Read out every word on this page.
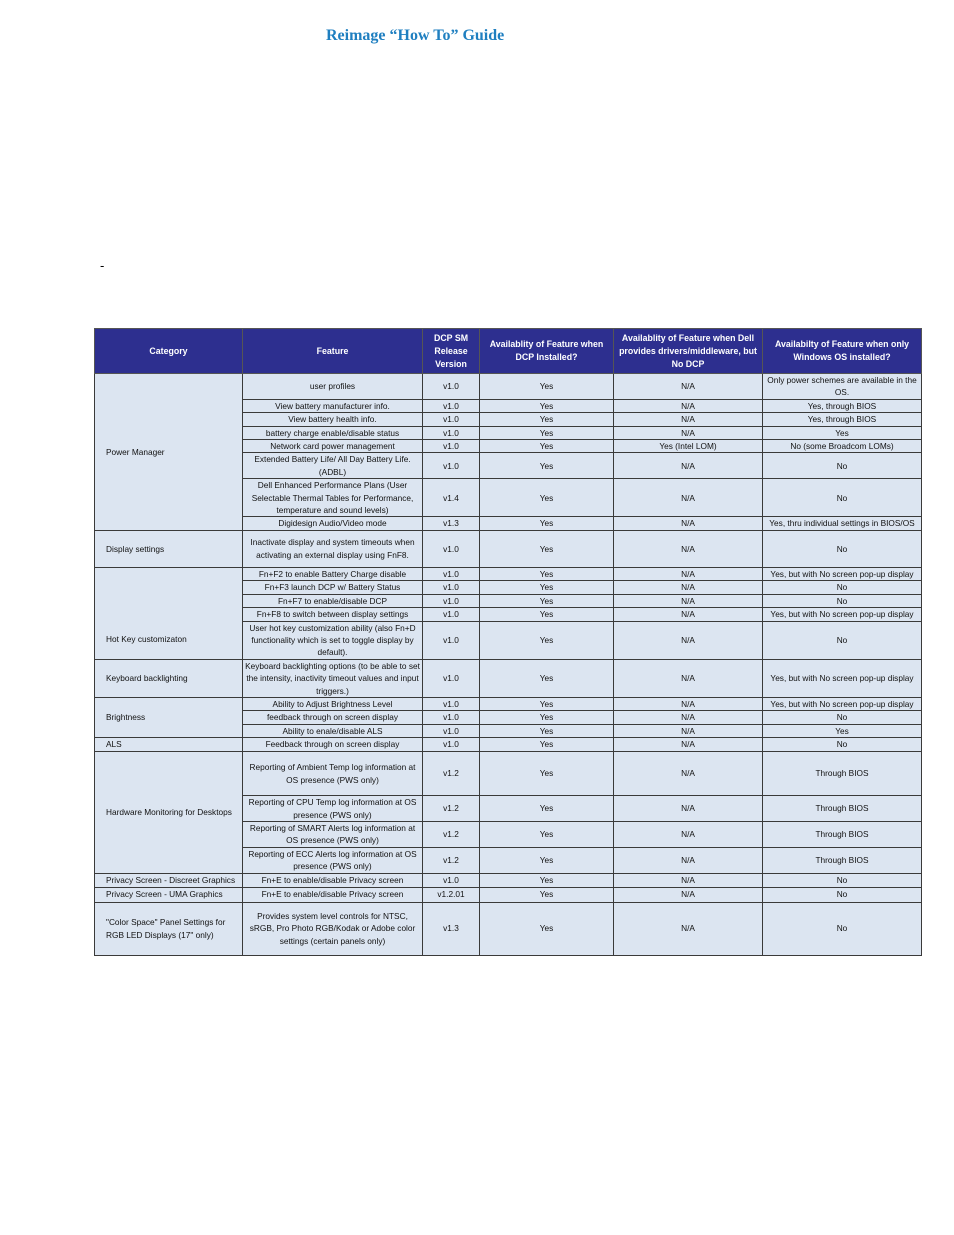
Reimage “How To” Guide
-
Category	Feature	DCP SM Release Version	Availablity of Feature when DCP Installed?	Availablity of Feature when Dell provides drivers/middleware, but No DCP	Availabilty of Feature when only Windows OS installed?
Power Manager	user profiles	v1.0	Yes	N/A	Only power schemes are available in the OS.
	View battery manufacturer info.	v1.0	Yes	N/A	Yes, through BIOS
	View battery health info.	v1.0	Yes	N/A	Yes, through BIOS
	battery charge enable/disable status	v1.0	Yes	N/A	Yes
	Network card power management	v1.0	Yes	Yes (Intel LOM)	No (some Broadcom LOMs)
	Extended Battery Life/ All Day Battery Life. (ADBL)	v1.0	Yes	N/A	No
	Dell Enhanced Performance Plans (User Selectable Thermal Tables for Performance, temperature and sound levels)	v1.4	Yes	N/A	No
	Digidesign Audio/Video mode	v1.3	Yes	N/A	Yes, thru individual settings in BIOS/OS
Display settings	Inactivate display and system timeouts when activating an external display using FnF8.	v1.0	Yes	N/A	No
Hot Key customizaton	Fn+F2 to enable Battery Charge disable	v1.0	Yes	N/A	Yes, but with No screen pop-up display
	Fn+F3 launch DCP w/ Battery Status	v1.0	Yes	N/A	No
	Fn+F7 to enable/disable DCP	v1.0	Yes	N/A	No
	Fn+F8 to switch between display settings	v1.0	Yes	N/A	Yes, but with No screen pop-up display
	User hot key customization ability (also Fn+D functionality which is set to toggle display by default).	v1.0	Yes	N/A	No
Keyboard backlighting	Keyboard backlighting options (to be able to set the intensity, inactivity timeout values and input triggers.)	v1.0	Yes	N/A	Yes, but with No screen pop-up display
Brightness	Ability to Adjust Brightness Level	v1.0	Yes	N/A	Yes, but with No screen pop-up display
	feedback through on screen display	v1.0	Yes	N/A	No
	Ability to enale/disable ALS	v1.0	Yes	N/A	Yes
ALS	Feedback through on screen display	v1.0	Yes	N/A	No
Hardware Monitoring for Desktops	Reporting of Ambient Temp log information at OS presence (PWS only)	v1.2	Yes	N/A	Through BIOS
	Reporting of CPU Temp log information at OS presence (PWS only)	v1.2	Yes	N/A	Through BIOS
	Reporting of SMART Alerts log information at OS presence (PWS only)	v1.2	Yes	N/A	Through BIOS
	Reporting of ECC Alerts log information at OS presence (PWS only)	v1.2	Yes	N/A	Through BIOS
Privacy Screen - Discreet Graphics	Fn+E to enable/disable Privacy screen	v1.0	Yes	N/A	No
Privacy Screen - UMA Graphics	Fn+E to enable/disable Privacy screen	v1.2.01	Yes	N/A	No
"Color Space" Panel Settings for RGB LED Displays (17" only)	Provides system level controls for NTSC, sRGB, Pro Photo RGB/Kodak or Adobe color settings (certain panels only)	v1.3	Yes	N/A	No
